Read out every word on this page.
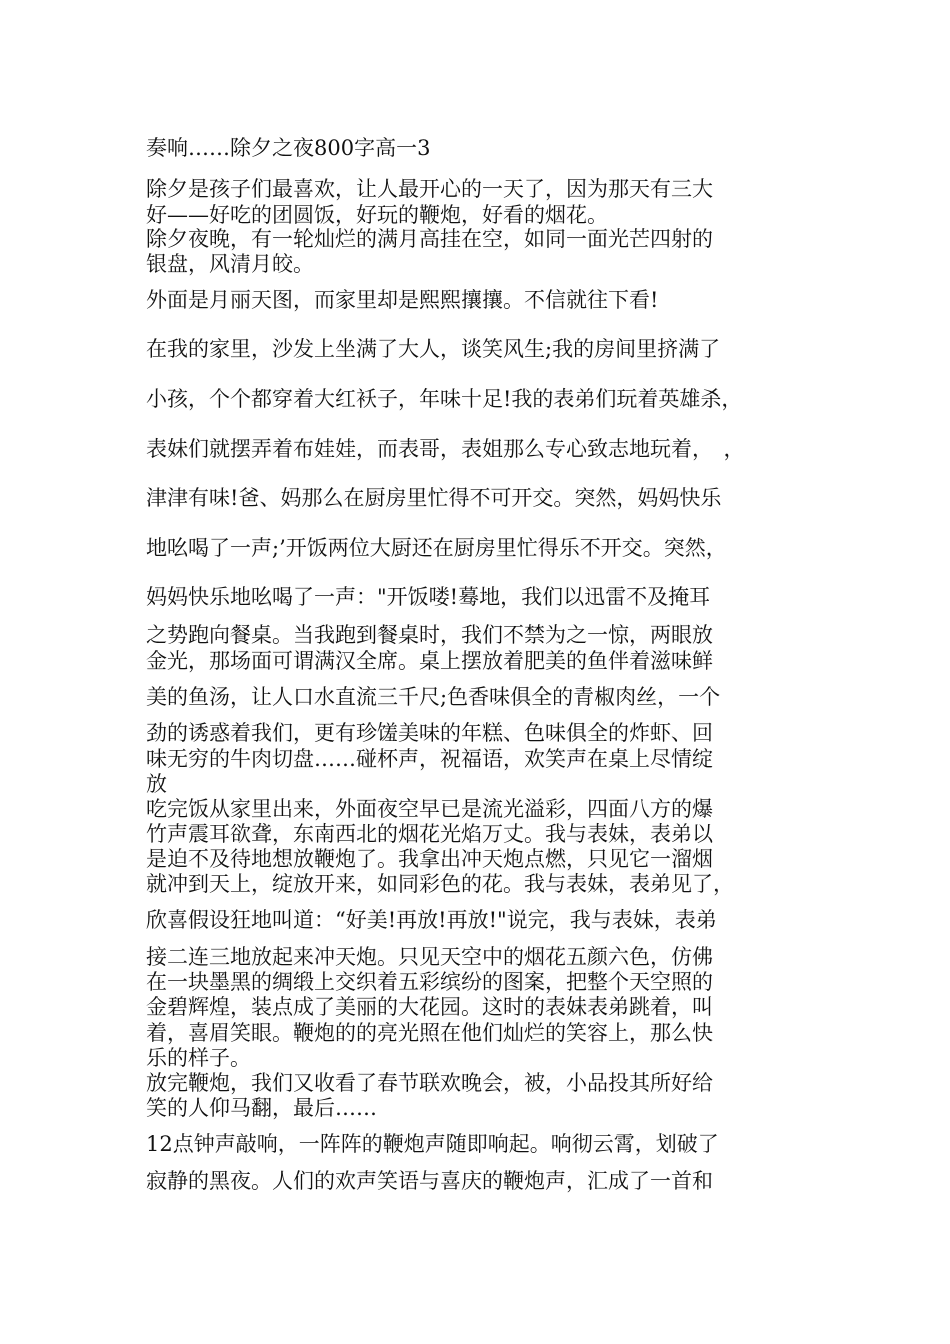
奏响……除夕之夜800字高一3

除夕是孩子们最喜欢，让人最开心的一天了，因为那天有三大

好——好吃的团圆饭，好玩的鞭炮，好看的烟花。

除夕夜晚，有一轮灿烂的满月高挂在空，如同一面光芒四射的

银盘，风清月皎。

外面是月丽天图，而家里却是熙熙攘攘。不信就往下看!

在我的家里，沙发上坐满了大人，谈笑风生;我的房间里挤满了

小孩，个个都穿着大红袄子，年味十足!我的表弟们玩着英雄杀，

表妹们就摆弄着布娃娃，而表哥，表姐那么专心致志地玩着，　，

津津有味!爸、妈那么在厨房里忙得不可开交。突然，妈妈快乐

地吆喝了一声;’开饭两位大厨还在厨房里忙得乐不开交。突然，

妈妈快乐地吆喝了一声："开饭喽!蓦地，我们以迅雷不及掩耳

之势跑向餐桌。当我跑到餐桌时，我们不禁为之一惊，两眼放

金光，那场面可谓满汉全席。桌上摆放着肥美的鱼伴着滋味鲜

美的鱼汤，让人口水直流三千尺;色香味俱全的青椒肉丝，一个

劲的诱惑着我们，更有珍馐美味的年糕、色味俱全的炸虾、回

味无穷的牛肉切盘……碰杯声，祝福语，欢笑声在桌上尽情绽

放

吃完饭从家里出来，外面夜空早已是流光溢彩，四面八方的爆

竹声震耳欲聋，东南西北的烟花光焰万丈。我与表妹，表弟以

是迫不及待地想放鞭炮了。我拿出冲天炮点燃，只见它一溜烟

就冲到天上，绽放开来，如同彩色的花。我与表妹，表弟见了，

欣喜假设狂地叫道：“好美!再放!再放!"说完，我与表妹，表弟

接二连三地放起来冲天炮。只见天空中的烟花五颜六色，仿佛

在一块墨黑的绸缎上交织着五彩缤纷的图案，把整个天空照的

金碧辉煌，装点成了美丽的大花园。这时的表妹表弟跳着，叫

着，喜眉笑眼。鞭炮的的亮光照在他们灿烂的笑容上，那么快

乐的样子。

放完鞭炮，我们又收看了春节联欢晚会，被，小品投其所好给

笑的人仰马翻，最后……

12点钟声敲响，一阵阵的鞭炮声随即响起。响彻云霄，划破了

寂静的黑夜。人们的欢声笑语与喜庆的鞭炮声，汇成了一首和
